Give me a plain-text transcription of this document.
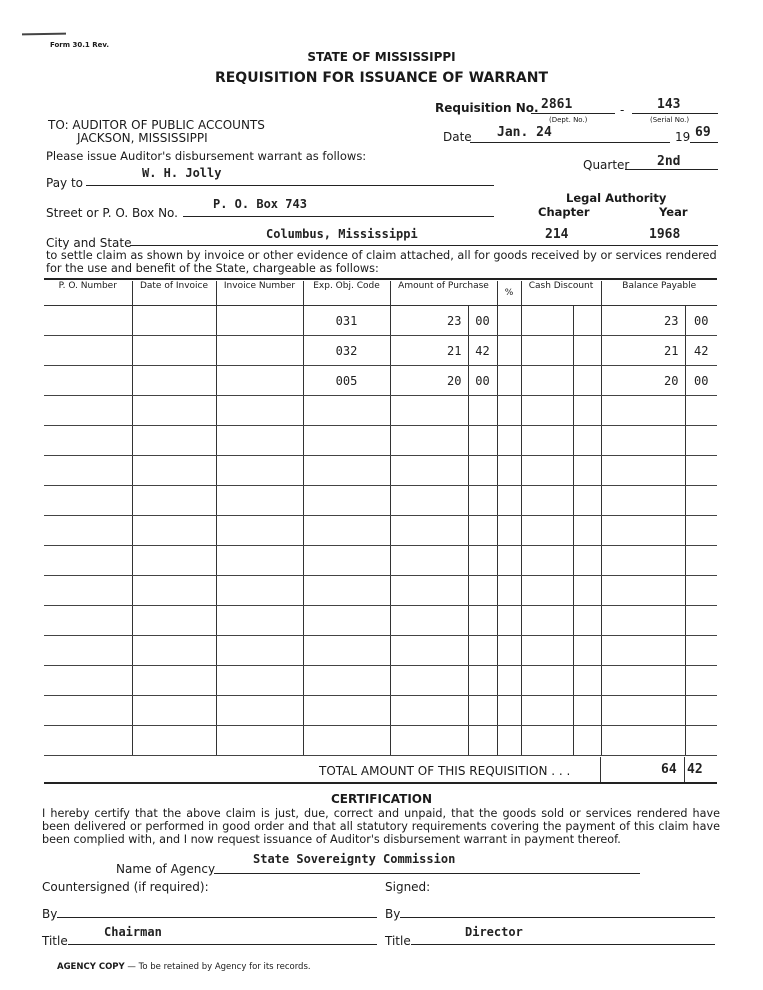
Form 30.1 Rev.
STATE OF MISSISSIPPI
REQUISITION FOR ISSUANCE OF WARRANT
Requisition No. 2861	-	143
(Dept. No.)	(Serial No.)
Date Jan. 24	19 69
Quarter 2nd
TO: AUDITOR OF PUBLIC ACCOUNTS
JACKSON, MISSISSIPPI
Please issue Auditor's disbursement warrant as follows:
Pay to
W. H. Jolly
Street or P. O. Box No.
P. O. Box 743
City and State
Columbus, Mississippi
Legal Authority
Chapter	Year
214	1968
to settle claim as shown by invoice or other evidence of claim attached, all for goods received by or services rendered for the use and benefit of the State, chargeable as follows:
P. O. Number	Date of Invoice	Invoice Number	Exp. Obj. Code	Amount of Purchase		%	Cash Discount		Balance Payable	
			031	23	00				23	00
			032	21	42				21	42
			005	20	00				20	00

TOTAL AMOUNT OF THIS REQUISITION . . .	64 42
CERTIFICATION
I hereby certify that the above claim is just, due, correct and unpaid, that the goods sold or services rendered have been delivered or performed in good order and that all statutory requirements covering the payment of this claim have been complied with, and I now request issuance of Auditor's disbursement warrant in payment thereof.
Name of Agency
State Sovereignty Commission
Countersigned (if required):	Signed:
By	By
Title
Chairman
Title
Director
AGENCY COPY — To be retained by Agency for its records.
